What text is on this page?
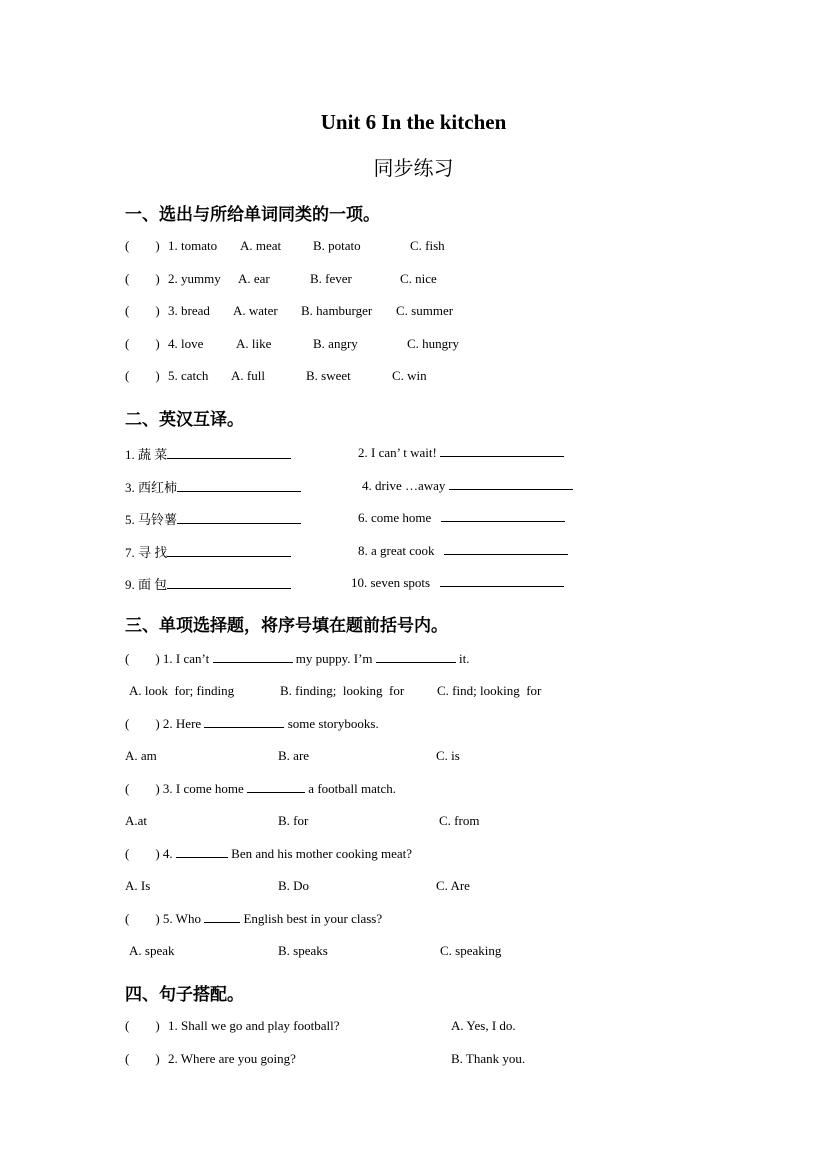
Unit 6 In the kitchen
同步练习
一、选出与所给单词同类的一项。
(        ) 1. tomato A. meat B. potato	C. fish
(        ) 2. yummy A. ear	B. fever	C. nice
(        ) 3. bread A. water B. hamburger C. summer
(        ) 4. love	A. like	B. angry	C. hungry
(        ) 5. catch A. full	B. sweet	C. win
二、英汉互译。
1. 蔬 菜	2. I can’ t wait!
3. 西红柿	4. drive …away
5. 马铃薯	6. come home
7. 寻 找	8. a great cook
9. 面 包	10. seven spots
三、单项选择题，将序号填在题前括号内。
(        ) 1. I can’t	my puppy. I’m	it.
A. look  for; finding	B. finding;  looking  for	C. find; looking  for
(        ) 2. Here	some storybooks.
A. am	B. are	C. is
(        ) 3. I come home	a football match.
A.at	B. for	C. from
(        ) 4.	Ben and his mother cooking meat?
A. Is	B. Do	C. Are
(        ) 5. Who	English best in your class?
A. speak	B. speaks	C. speaking
四、句子搭配。
(        ) 1. Shall we go and play football?	A. Yes, I do.
(        ) 2. Where are you going?	B. Thank you.
